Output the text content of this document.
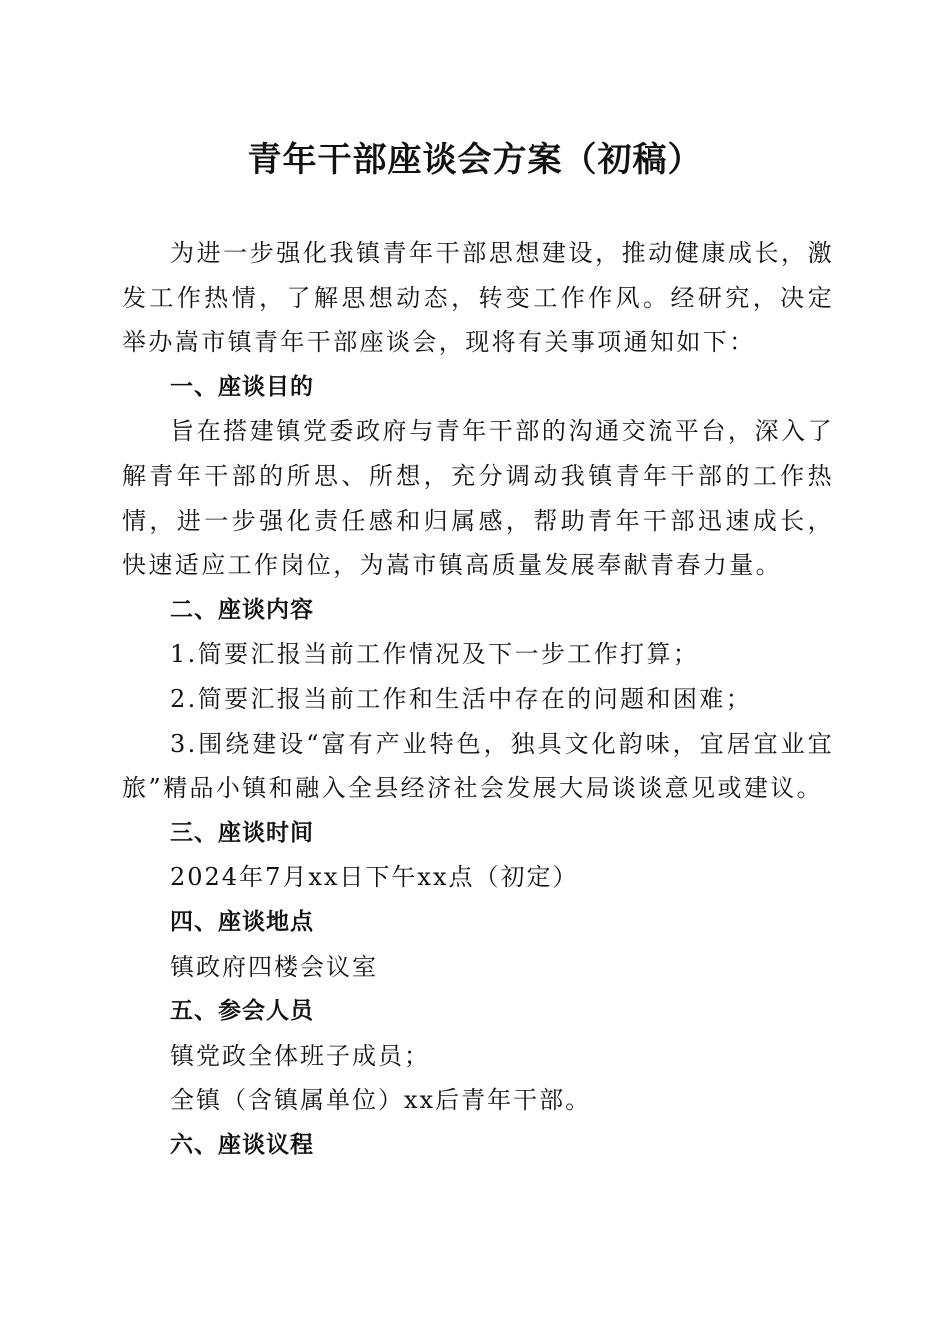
青年干部座谈会方案（初稿）

为进一步强化我镇青年干部思想建设，推动健康成长，激发工作热情，了解思想动态，转变工作作风。经研究，决定举办嵩市镇青年干部座谈会，现将有关事项通知如下：

一、座谈目的

旨在搭建镇党委政府与青年干部的沟通交流平台，深入了解青年干部的所思、所想，充分调动我镇青年干部的工作热情，进一步强化责任感和归属感，帮助青年干部迅速成长，快速适应工作岗位，为嵩市镇高质量发展奉献青春力量。

二、座谈内容

1.简要汇报当前工作情况及下一步工作打算；

2.简要汇报当前工作和生活中存在的问题和困难；

3.围绕建设“富有产业特色，独具文化韵味，宜居宜业宜旅”精品小镇和融入全县经济社会发展大局谈谈意见或建议。

三、座谈时间

2024年7月xx日下午xx点（初定）

四、座谈地点

镇政府四楼会议室

五、参会人员

镇党政全体班子成员；

全镇（含镇属单位）xx后青年干部。

六、座谈议程
